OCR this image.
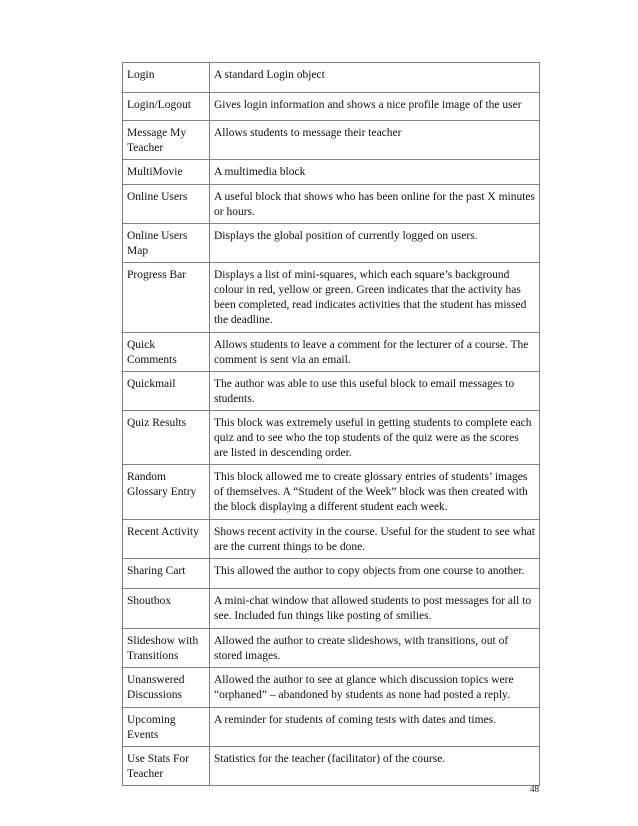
Login	A standard Login object
Login/Logout	Gives login information and shows a nice profile image of the user
Message My Teacher	Allows students to message their teacher
MultiMovie	A multimedia block
Online Users	A useful block that shows who has been online for the past X minutes or hours.
Online Users Map	Displays the global position of currently logged on users.
Progress Bar	Displays a list of mini-squares, which each square’s background colour in red, yellow or green. Green indicates that the activity has been completed, read indicates activities that the student has missed the deadline.
Quick Comments	Allows students to leave a comment for the lecturer of a course. The comment is sent via an email.
Quickmail	The author was able to use this useful block to email messages to students.
Quiz Results	This block was extremely useful in getting students to complete each quiz and to see who the top students of the quiz were as the scores are listed in descending order.
Random Glossary Entry	This block allowed me to create glossary entries of students’ images of themselves. A “Student of the Week” block was then created with the block displaying a different student each week.
Recent Activity	Shows recent activity in the course. Useful for the student to see what are the current things to be done.
Sharing Cart	This allowed the author to copy objects from one course to another.
Shoutbox	A mini-chat window that allowed students to post messages for all to see. Included fun things like posting of smilies.
Slideshow with Transitions	Allowed the author to create slideshows, with transitions, out of stored images.
Unanswered Discussions	Allowed the author to see at glance which discussion topics were “orphaned” – abandoned by students as none had posted a reply.
Upcoming Events	A reminder for students of coming tests with dates and times.
Use Stats For Teacher	Statistics for the teacher (facilitator) of the course.
48
